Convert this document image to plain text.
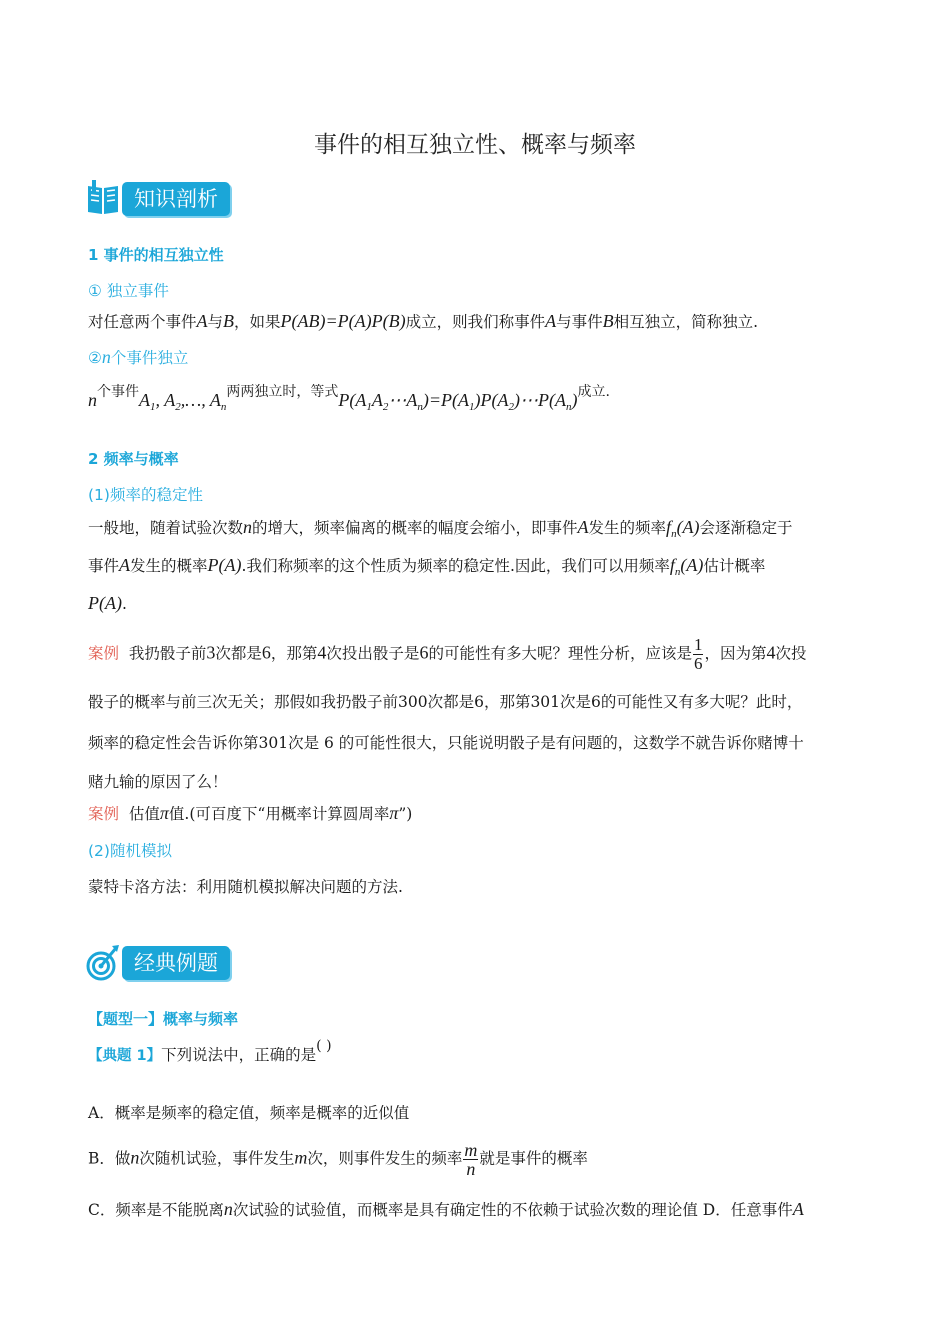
事件的相互独立性、概率与频率
知识剖析
1 事件的相互独立性
① 独立事件
对任意两个事件A与B，如果P(AB)=P(A)P(B)成立，则我们称事件A与事件B相互独立，简称独立.
②n个事件独立
n个事件$A_1$, $A_2,\dots$, $A_n$两两独立时，等式$P(A_1A_2\cdots A_n)=P(A_1)P(A_2)\cdots P(A_n)$成立.
2 频率与概率
(1)频率的稳定性
一般地，随着试验次数n的增大，频率偏离的概率的幅度会缩小，即事件A发生的频率$f_n(A)$会逐渐稳定于
事件A发生的概率P(A).我们称频率的这个性质为频率的稳定性.因此，我们可以用频率$f_n(A)$估计概率
P(A).
案例 我扔骰子前3次都是6，那第4次投出骰子是6的可能性有多大呢？理性分析，应该是 $\frac{1}{6}$ ，因为第4次投
骰子的概率与前三次无关；那假如我扔骰子前300次都是6，那第301次是6的可能性又有多大呢？此时，
频率的稳定性会告诉你第301次是 6 的可能性很大，只能说明骰子是有问题的，这数学不就告诉你赌博十
赌九输的原因了么！
案例 估值π值.(可百度下“用概率计算圆周率π”)
(2)随机模拟
蒙特卡洛方法：利用随机模拟解决问题的方法.
经典例题
【题型一】概率与频率
【典题 1】下列说法中，正确的是( )
A．概率是频率的稳定值，频率是概率的近似值
B．做n次随机试验，事件发生m次，则事件发生的频率 $\frac{m}{n}$ 就是事件的概率
C．频率是不能脱离n次试验的试验值，而概率是具有确定性的不依赖于试验次数的理论值 D．任意事件A
